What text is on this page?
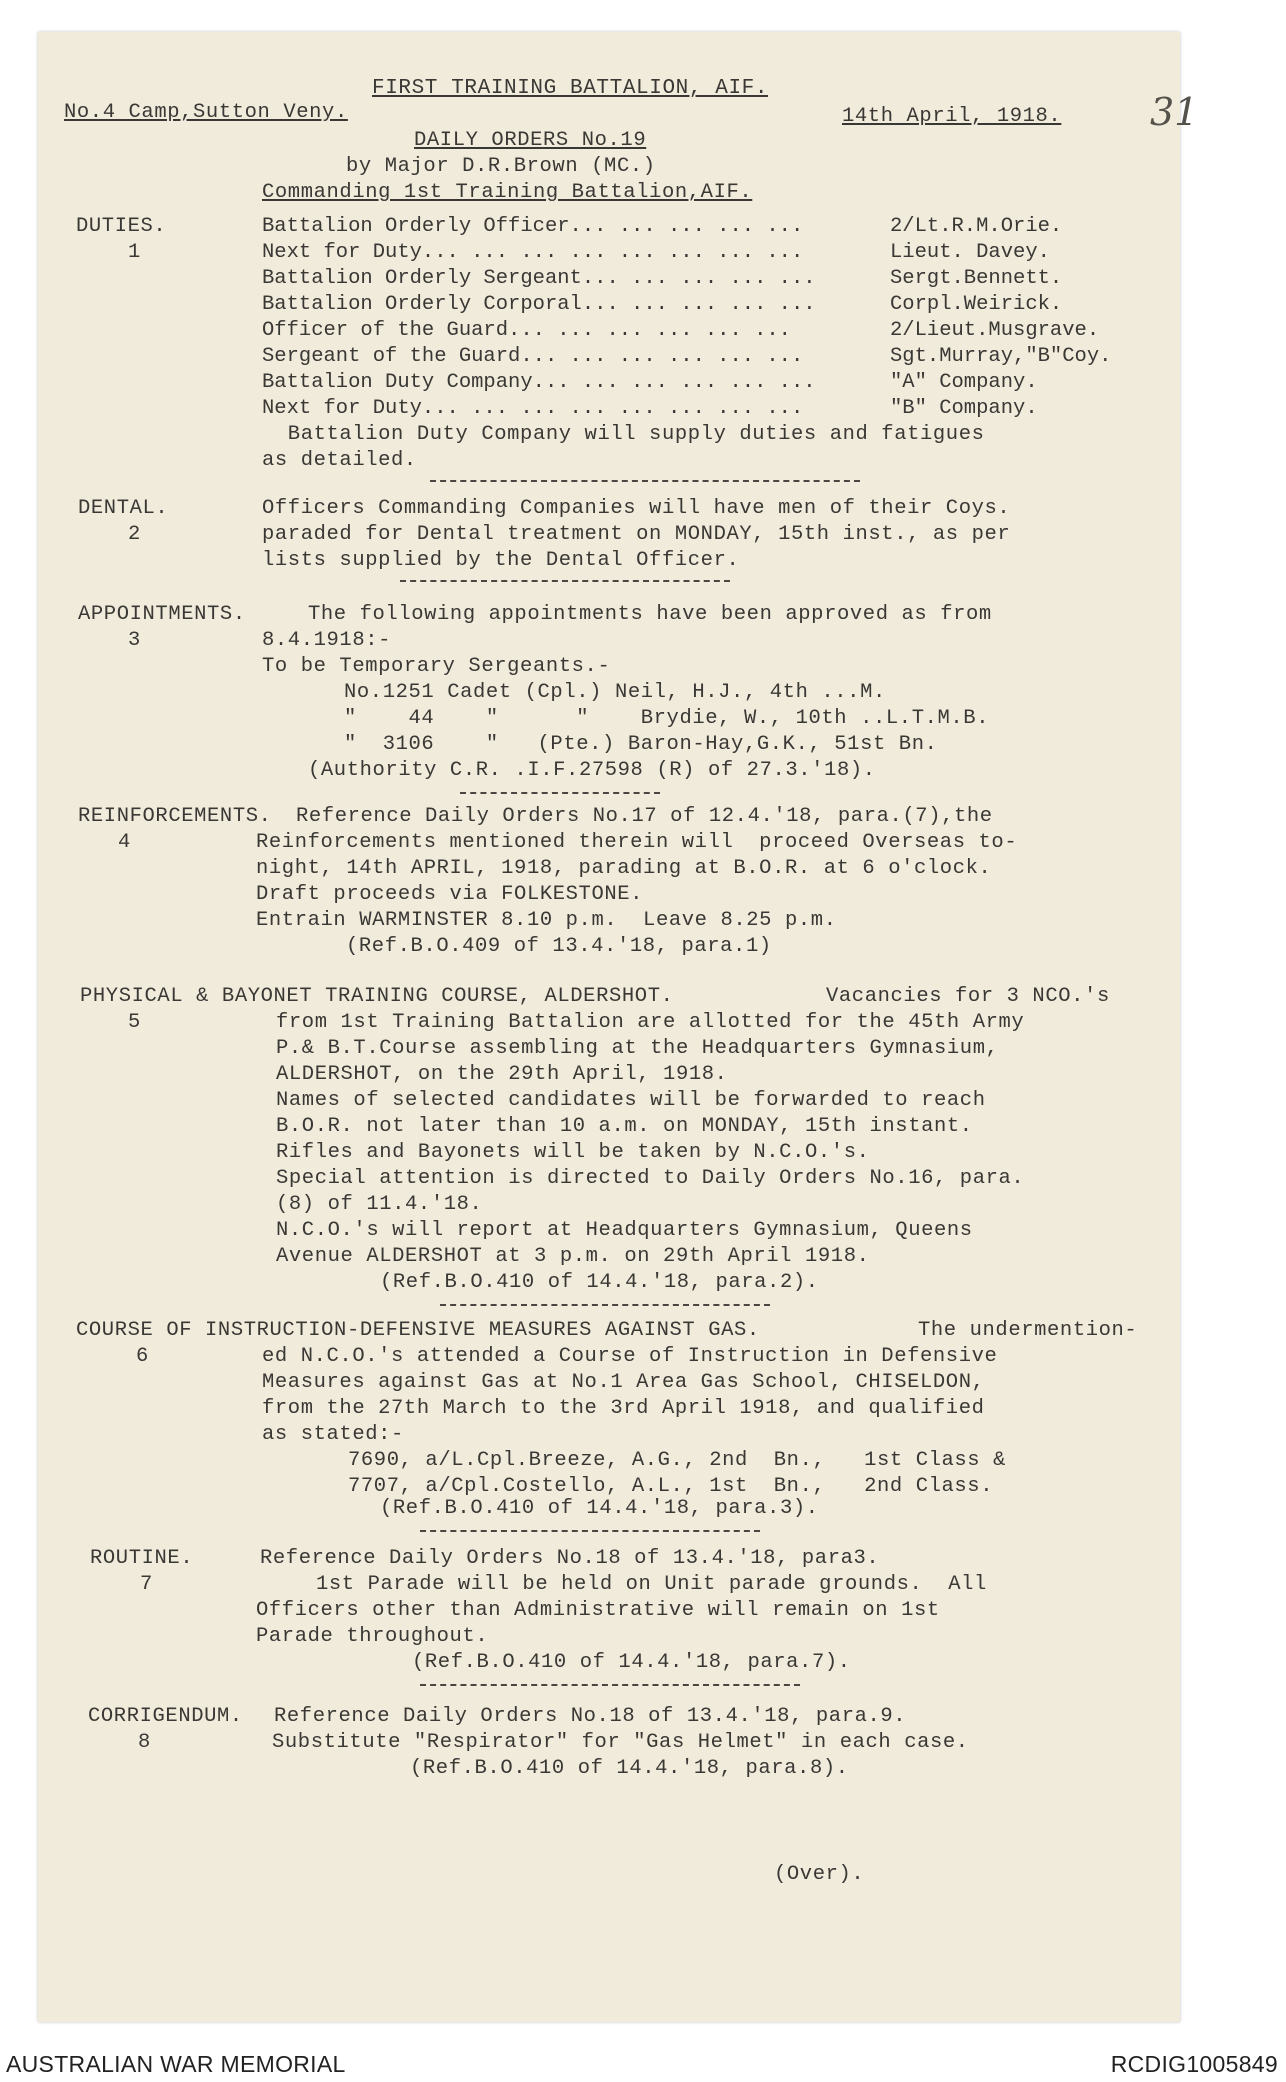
FIRST TRAINING BATTALION, AIF.
No.4 Camp,Sutton Veny.	14th April, 1918. 31
DAILY ORDERS No.19
by Major D.R.Brown (MC.)
Commanding 1st Training Battalion,AIF.
DUTIES.
1
Battalion Orderly Officer... ... ... ... ...	2/Lt.R.M.Orie.
Next for Duty... ... ... ... ... ... ... ...	Lieut. Davey.
Battalion Orderly Sergeant... ... ... ... ...	Sergt.Bennett.
Battalion Orderly Corporal... ... ... ... ...	Corpl.Weirick.
Officer of the Guard... ... ... ... ... ...	2/Lieut.Musgrave.
Sergeant of the Guard... ... ... ... ... ...	Sgt.Murray,"B"Coy.
Battalion Duty Company... ... ... ... ... ...	"A" Company.
Next for Duty... ... ... ... ... ... ... ...	"B" Company.
Battalion Duty Company will supply duties and fatigues
as detailed.
DENTAL.
2
Officers Commanding Companies will have men of their Coys.
paraded for Dental treatment on MONDAY, 15th inst., as per
lists supplied by the Dental Officer.
APPOINTMENTS.
3
The following appointments have been approved as from
8.4.1918:-
To be Temporary Sergeants.-
No.1251 Cadet (Cpl.) Neil, H.J., 4th ...M.
"    44    "      "    Brydie, W., 10th ..L.T.M.B.
"  3106    "   (Pte.) Baron-Hay,G.K., 51st Bn.
(Authority C.R. .I.F.27598 (R) of 27.3.'18).
REINFORCEMENTS.
4
Reference Daily Orders No.17 of 12.4.'18, para.(7),the
Reinforcements mentioned therein will  proceed Overseas to-
night, 14th APRIL, 1918, parading at B.O.R. at 6 o'clock.
Draft proceeds via FOLKESTONE.
Entrain WARMINSTER 8.10 p.m.  Leave 8.25 p.m.
(Ref.B.O.409 of 13.4.'18, para.1)
PHYSICAL & BAYONET TRAINING COURSE, ALDERSHOT.	Vacancies for 3 NCO.'s
5	from 1st Training Battalion are allotted for the 45th Army
P.& B.T.Course assembling at the Headquarters Gymnasium,
ALDERSHOT, on the 29th April, 1918.
Names of selected candidates will be forwarded to reach
B.O.R. not later than 10 a.m. on MONDAY, 15th instant.
Rifles and Bayonets will be taken by N.C.O.'s.
Special attention is directed to Daily Orders No.16, para.
(8) of 11.4.'18.
N.C.O.'s will report at Headquarters Gymnasium, Queens
Avenue ALDERSHOT at 3 p.m. on 29th April 1918.
(Ref.B.O.410 of 14.4.'18, para.2).
COURSE OF INSTRUCTION-DEFENSIVE MEASURES AGAINST GAS.	The undermention-
6	ed N.C.O.'s attended a Course of Instruction in Defensive
Measures against Gas at No.1 Area Gas School, CHISELDON,
from the 27th March to the 3rd April 1918, and qualified
as stated:-
7690, a/L.Cpl.Breeze, A.G., 2nd  Bn.,   1st Class &
7707, a/Cpl.Costello, A.L., 1st  Bn.,   2nd Class.
(Ref.B.O.410 of 14.4.'18, para.3).
ROUTINE.
7
Reference Daily Orders No.18 of 13.4.'18, para3.
1st Parade will be held on Unit parade grounds.  All
Officers other than Administrative will remain on 1st
Parade throughout.
(Ref.B.O.410 of 14.4.'18, para.7).
CORRIGENDUM.
8
Reference Daily Orders No.18 of 13.4.'18, para.9.
Substitute "Respirator" for "Gas Helmet" in each case.
(Ref.B.O.410 of 14.4.'18, para.8).
(Over).
AUSTRALIAN WAR MEMORIAL	RCDIG1005849
